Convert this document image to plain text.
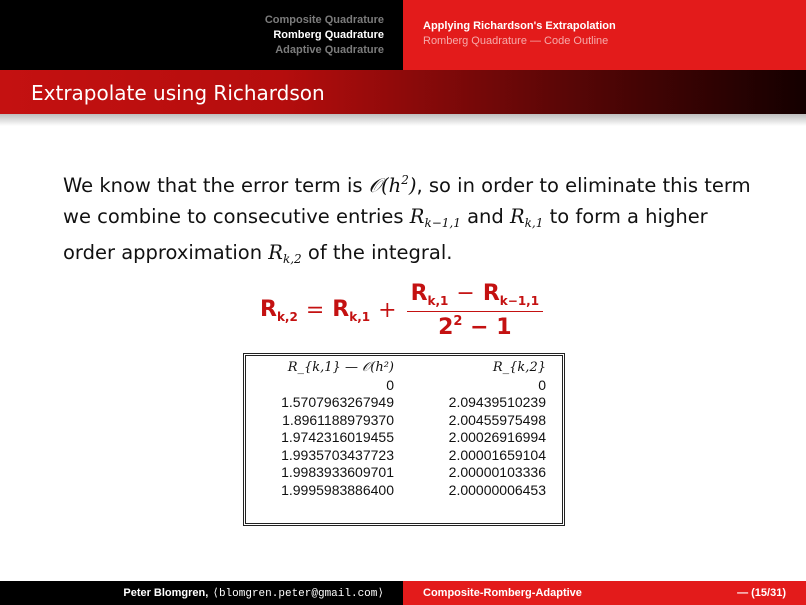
Composite Quadrature
Romberg Quadrature
Adaptive Quadrature
Applying Richardson's Extrapolation
Romberg Quadrature — Code Outline
Extrapolate using Richardson
We know that the error term is $𝒪(h^2)$, so in order to eliminate this term we combine to consecutive entries $R_{k-1,1}$ and $R_{k,1}$ to form a higher order approximation $R_{k,2}$ of the integral.
$R_{k,2} = R_{k,1} + \frac{R_{k,1} - R_{k-1,1}}{2^2 - 1}$
R_{k,1} — 𝒪(h²)	R_{k,2}
0	0
1.5707963267949	2.09439510239
1.8961188979370	2.00455975498
1.9742316019455	2.00026916994
1.9935703437723	2.00001659104
1.9983933609701	2.00000103336
1.9995983886400	2.00000006453
Peter Blomgren, ⟨blomgren.peter@gmail.com⟩	Composite-Romberg-Adaptive	— (15/31)
